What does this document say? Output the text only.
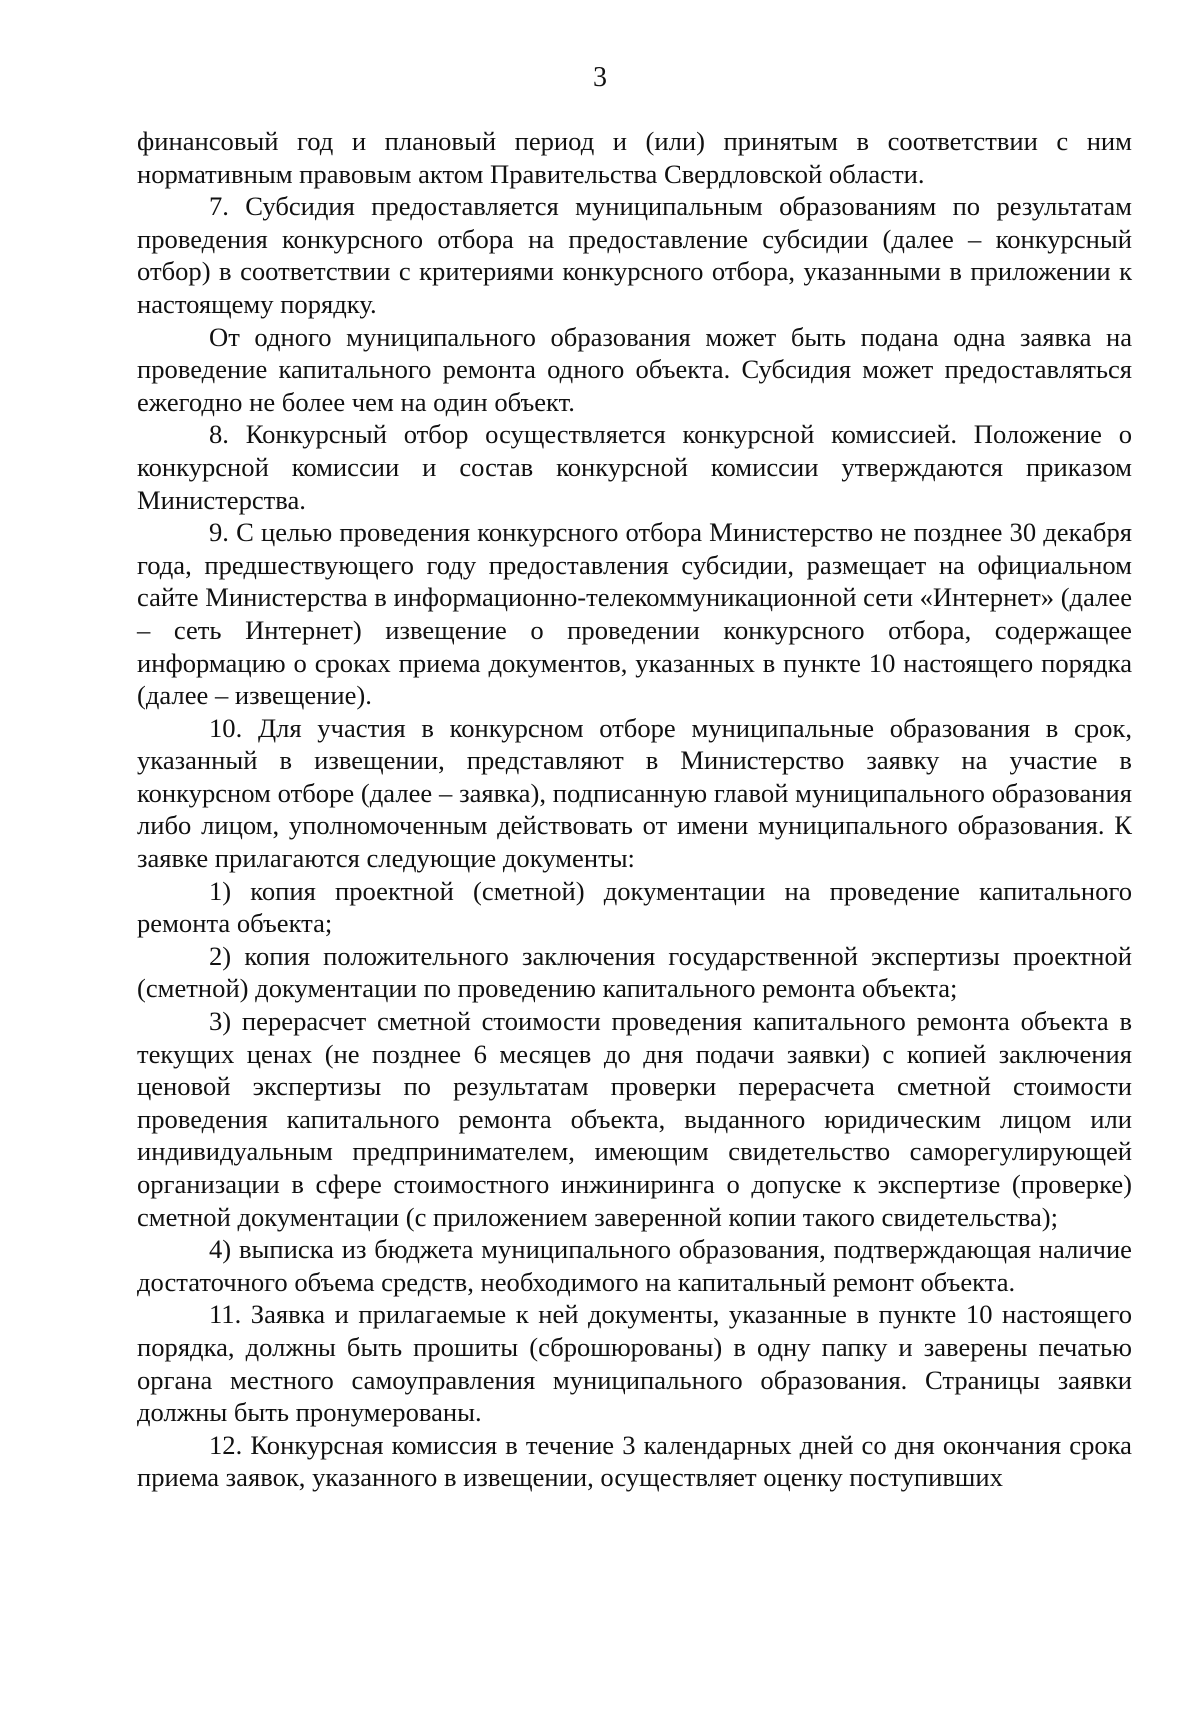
3

финансовый год и плановый период и (или) принятым в соответствии с ним нормативным правовым актом Правительства Свердловской области.

7. Субсидия предоставляется муниципальным образованиям по результатам проведения конкурсного отбора на предоставление субсидии (далее – конкурсный отбор) в соответствии с критериями конкурсного отбора, указанными в приложении к настоящему порядку.

От одного муниципального образования может быть подана одна заявка на проведение капитального ремонта одного объекта. Субсидия может предоставляться ежегодно не более чем на один объект.

8. Конкурсный отбор осуществляется конкурсной комиссией. Положение о конкурсной комиссии и состав конкурсной комиссии утверждаются приказом Министерства.

9. С целью проведения конкурсного отбора Министерство не позднее 30 декабря года, предшествующего году предоставления субсидии, размещает на официальном сайте Министерства в информационно-телекоммуникационной сети «Интернет» (далее – сеть Интернет) извещение о проведении конкурсного отбора, содержащее информацию о сроках приема документов, указанных в пункте 10 настоящего порядка (далее – извещение).

10. Для участия в конкурсном отборе муниципальные образования в срок, указанный в извещении, представляют в Министерство заявку на участие в конкурсном отборе (далее – заявка), подписанную главой муниципального образования либо лицом, уполномоченным действовать от имени муниципального образования. К заявке прилагаются следующие документы:

1) копия проектной (сметной) документации на проведение капитального ремонта объекта;

2) копия положительного заключения государственной экспертизы проектной (сметной) документации по проведению капитального ремонта объекта;

3) перерасчет сметной стоимости проведения капитального ремонта объекта в текущих ценах (не позднее 6 месяцев до дня подачи заявки) с копией заключения ценовой экспертизы по результатам проверки перерасчета сметной стоимости проведения капитального ремонта объекта, выданного юридическим лицом или индивидуальным предпринимателем, имеющим свидетельство саморегулирующей организации в сфере стоимостного инжиниринга о допуске к экспертизе (проверке) сметной документации (с приложением заверенной копии такого свидетельства);

4) выписка из бюджета муниципального образования, подтверждающая наличие достаточного объема средств, необходимого на капитальный ремонт объекта.

11. Заявка и прилагаемые к ней документы, указанные в пункте 10 настоящего порядка, должны быть прошиты (сброшюрованы) в одну папку и заверены печатью органа местного самоуправления муниципального образования. Страницы заявки должны быть пронумерованы.

12. Конкурсная комиссия в течение 3 календарных дней со дня окончания срока приема заявок, указанного в извещении, осуществляет оценку поступивших
